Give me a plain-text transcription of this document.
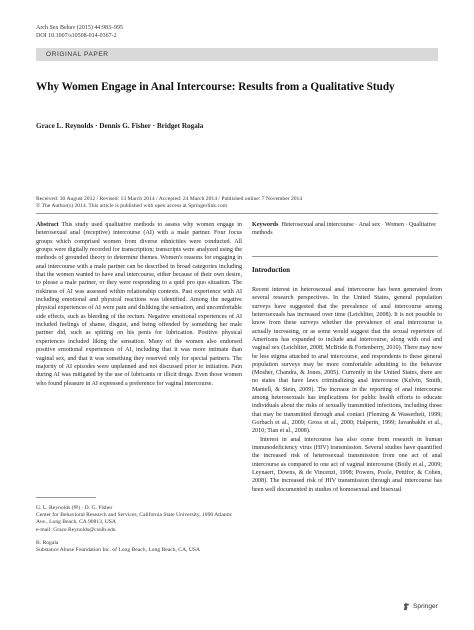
Arch Sex Behav (2015) 44:983–995
DOI 10.1007/s10508-014-0367-2
ORIGINAL PAPER
Why Women Engage in Anal Intercourse: Results from a Qualitative Study
Grace L. Reynolds · Dennis G. Fisher · Bridget Rogala
Received: 30 August 2012 / Revised: 13 March 2014 / Accepted: 24 March 2014 / Published online: 7 November 2014
© The Author(s) 2014. This article is published with open access at Springerlink.com
Abstract This study used qualitative methods to assess why women engage in heterosexual anal (receptive) intercourse (AI) with a male partner. Four focus groups which comprised women from diverse ethnicities were conducted. All groups were digitally recorded for transcription; transcripts were analyzed using the methods of grounded theory to determine themes. Women's reasons for engaging in anal intercourse with a male partner can be described in broad categories including that the women wanted to have anal intercourse, either because of their own desire, to please a male partner, or they were responding to a quid pro quo situation. The riskiness of AI was assessed within relationship contexts. Past experience with AI including emotional and physical reactions was identified. Among the negative physical experiences of AI were pain and disliking the sensation, and uncomfortable side effects, such as bleeding of the rectum. Negative emotional experiences of AI included feelings of shame, disgust, and being offended by something her male partner did, such as spitting on his penis for lubrication. Positive physical experiences included liking the sensation. Many of the women also endorsed positive emotional experiences of AI, including that it was more intimate than vaginal sex, and that it was something they reserved only for special partners. The majority of AI episodes were unplanned and not discussed prior to initiation. Pain during AI was mitigated by the use of lubricants or illicit drugs. Even those women who found pleasure in AI expressed a preference for vaginal intercourse.
Keywords Heterosexual anal intercourse · Anal sex · Women · Qualitative methods
Introduction

Recent interest in heterosexual anal intercourse has been generated from several research perspectives. In the United States, general population surveys have suggested that the prevalence of anal intercourse among heterosexuals has increased over time (Leichliter, 2008). It is not possible to know from these surveys whether the prevalence of anal intercourse is actually increasing, or as some would suggest that the sexual repertoire of Americans has expanded to include anal intercourse, along with oral and vaginal sex (Leichliter, 2008; McBride & Fortenberry, 2010). There may now be less stigma attached to anal intercourse, and respondents to these general population surveys may be more comfortable admitting to the behavior (Mosher, Chandra, & Jones, 2005). Currently in the United States, there are no states that have laws criminalizing anal intercourse (Kelvin, Smith, Mantell, & Stein, 2009). The increase in the reporting of anal intercourse among heterosexuals has implications for public health efforts to educate individuals about the risks of sexually transmitted infections, including those that may be transmitted through anal contact (Fleming & Wasserheit, 1999; Gorbach et al., 2009; Gross et al., 2000; Halperin, 1999; Javanbakht et al., 2010; Tian et al., 2008).

Interest in anal intercourse has also come from research in human immunodeficiency virus (HIV) transmission. Several studies have quantified the increased risk of heterosexual transmission from one act of anal intercourse as compared to one act of vaginal intercourse (Boily et al., 2009; Leynaert, Downs, & de Vincenzi, 1998; Powers, Poole, Pettifor, & Cohen, 2008). The increased risk of HIV transmission through anal intercourse has been well documented in studies of homosexual and bisexual

G. L. Reynolds (✉) · D. G. Fisher
Center for Behavioral Research and Services, California State University, 1090 Atlantic Ave., Long Beach, CA 90813, USA
e-mail: Grace.Reynolds@csulb.edu

B. Rogala
Substance Abuse Foundation Inc. of Long Beach, Long Beach, CA, USA

Springer
